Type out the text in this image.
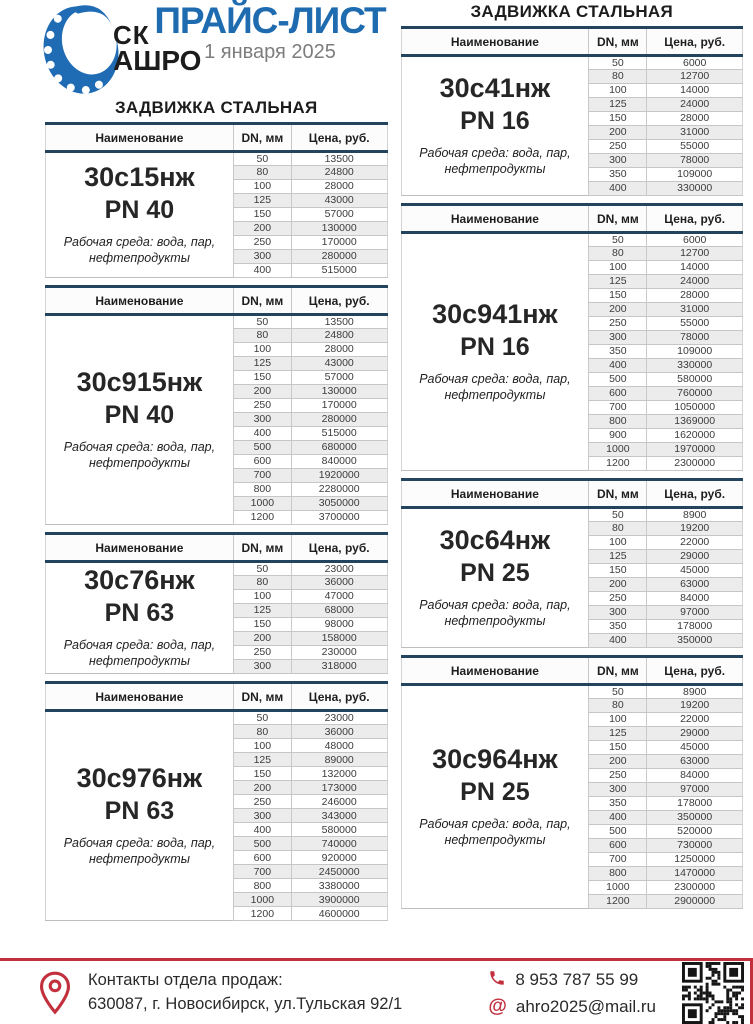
СК
АШРО
ПРАЙС-ЛИСТ
1 января 2025
ЗАДВИЖКА СТАЛЬНАЯ
Наименование	DN, мм	Цена, руб.

30с15нж
PN 40
Рабочая среда: вода, пар, нефтепродукты	50	13500
	80	24800
	100	28000
	125	43000
	150	57000
	200	130000
	250	170000
	300	280000
	400	515000
Наименование	DN, мм	Цена, руб.

30с915нж
PN 40
Рабочая среда: вода, пар, нефтепродукты	50	13500
	80	24800
	100	28000
	125	43000
	150	57000
	200	130000
	250	170000
	300	280000
	400	515000
	500	680000
	600	840000
	700	1920000
	800	2280000
	1000	3050000
	1200	3700000
Наименование	DN, мм	Цена, руб.

30с76нж
PN 63
Рабочая среда: вода, пар, нефтепродукты	50	23000
	80	36000
	100	47000
	125	68000
	150	98000
	200	158000
	250	230000
	300	318000
Наименование	DN, мм	Цена, руб.

30с976нж
PN 63
Рабочая среда: вода, пар, нефтепродукты	50	23000
	80	36000
	100	48000
	125	89000
	150	132000
	200	173000
	250	246000
	300	343000
	400	580000
	500	740000
	600	920000
	700	2450000
	800	3380000
	1000	3900000
	1200	4600000
ЗАДВИЖКА СТАЛЬНАЯ
Наименование	DN, мм	Цена, руб.

30с41нж
PN 16
Рабочая среда: вода, пар, нефтепродукты	50	6000
	80	12700
	100	14000
	125	24000
	150	28000
	200	31000
	250	55000
	300	78000
	350	109000
	400	330000
Наименование	DN, мм	Цена, руб.

30с941нж
PN 16
Рабочая среда: вода, пар, нефтепродукты	50	6000
	80	12700
	100	14000
	125	24000
	150	28000
	200	31000
	250	55000
	300	78000
	350	109000
	400	330000
	500	580000
	600	760000
	700	1050000
	800	1369000
	900	1620000
	1000	1970000
	1200	2300000
Наименование	DN, мм	Цена, руб.

30с64нж
PN 25
Рабочая среда: вода, пар, нефтепродукты	50	8900
	80	19200
	100	22000
	125	29000
	150	45000
	200	63000
	250	84000
	300	97000
	350	178000
	400	350000
Наименование	DN, мм	Цена, руб.

30с964нж
PN 25
Рабочая среда: вода, пар, нефтепродукты	50	8900
	80	19200
	100	22000
	125	29000
	150	45000
	200	63000
	250	84000
	300	97000
	350	178000
	400	350000
	500	520000
	600	730000
	700	1250000
	800	1470000
	1000	2300000
	1200	2900000
Контакты отдела продаж:
630087, г. Новосибирск, ул.Тульская 92/1
8 953 787 55 99
@ ahro2025@mail.ru
